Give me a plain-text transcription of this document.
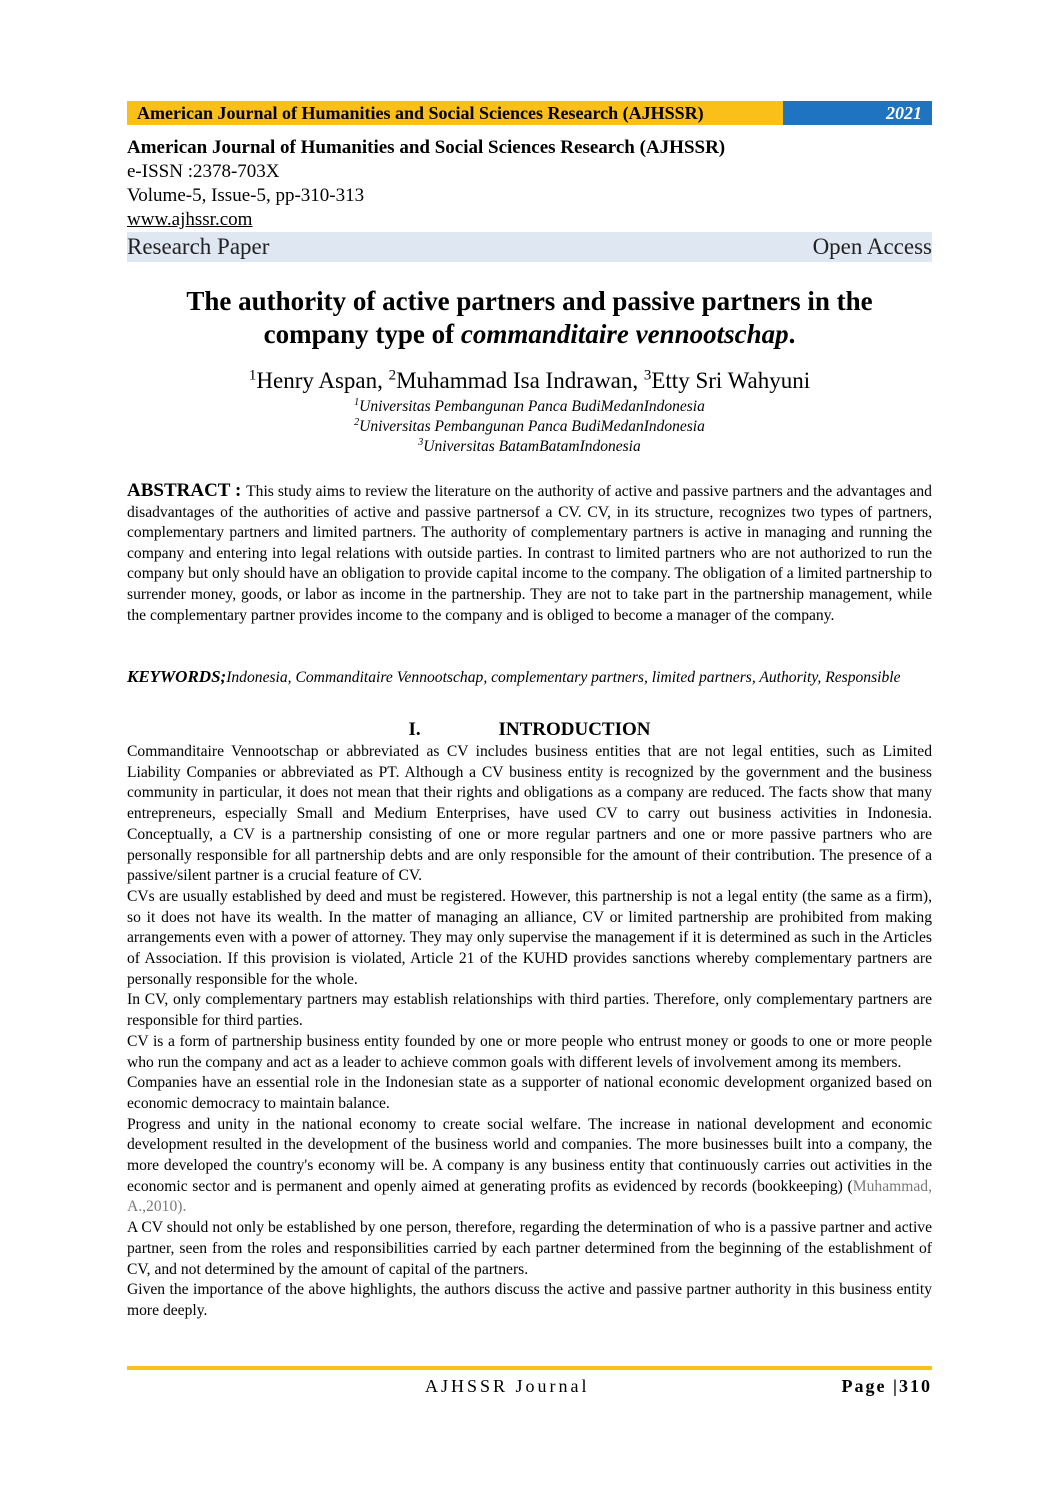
American Journal of Humanities and Social Sciences Research (AJHSSR)	2021
American Journal of Humanities and Social Sciences Research (AJHSSR)
e-ISSN :2378-703X
Volume-5, Issue-5, pp-310-313
www.ajhssr.com
Research Paper	Open Access
The authority of active partners and passive partners in the
company type of commanditaire vennootschap.
$^1$Henry Aspan, $^2$Muhammad Isa Indrawan, $^3$Etty Sri Wahyuni
$^1$Universitas Pembangunan Panca BudiMedanIndonesia
$^2$Universitas Pembangunan Panca BudiMedanIndonesia
$^3$Universitas BatamBatamIndonesia
ABSTRACT : This study aims to review the literature on the authority of active and passive partners and the advantages and disadvantages of the authorities of active and passive partnersof a CV. CV, in its structure, recognizes two types of partners, complementary partners and limited partners. The authority of complementary partners is active in managing and running the company and entering into legal relations with outside parties. In contrast to limited partners who are not authorized to run the company but only should have an obligation to provide capital income to the company. The obligation of a limited partnership to surrender money, goods, or labor as income in the partnership. They are not to take part in the partnership management, while the complementary partner provides income to the company and is obliged to become a manager of the company.
KEYWORDS;Indonesia, Commanditaire Vennootschap, complementary partners, limited partners, Authority, Responsible
I.	INTRODUCTION

Commanditaire Vennootschap or abbreviated as CV includes business entities that are not legal entities, such as Limited Liability Companies or abbreviated as PT. Although a CV business entity is recognized by the government and the business community in particular, it does not mean that their rights and obligations as a company are reduced. The facts show that many entrepreneurs, especially Small and Medium Enterprises, have used CV to carry out business activities in Indonesia. Conceptually, a CV is a partnership consisting of one or more regular partners and one or more passive partners who are personally responsible for all partnership debts and are only responsible for the amount of their contribution. The presence of a passive/silent partner is a crucial feature of CV.

CVs are usually established by deed and must be registered. However, this partnership is not a legal entity (the same as a firm), so it does not have its wealth. In the matter of managing an alliance, CV or limited partnership are prohibited from making arrangements even with a power of attorney. They may only supervise the management if it is determined as such in the Articles of Association. If this provision is violated, Article 21 of the KUHD provides sanctions whereby complementary partners are personally responsible for the whole.

In CV, only complementary partners may establish relationships with third parties. Therefore, only complementary partners are responsible for third parties.

CV is a form of partnership business entity founded by one or more people who entrust money or goods to one or more people who run the company and act as a leader to achieve common goals with different levels of involvement among its members.

Companies have an essential role in the Indonesian state as a supporter of national economic development organized based on economic democracy to maintain balance.

Progress and unity in the national economy to create social welfare. The increase in national development and economic development resulted in the development of the business world and companies. The more businesses built into a company, the more developed the country's economy will be. A company is any business entity that continuously carries out activities in the economic sector and is permanent and openly aimed at generating profits as evidenced by records (bookkeeping) (Muhammad, A.,2010).

A CV should not only be established by one person, therefore, regarding the determination of who is a passive partner and active partner, seen from the roles and responsibilities carried by each partner determined from the beginning of the establishment of CV, and not determined by the amount of capital of the partners.

Given the importance of the above highlights, the authors discuss the active and passive partner authority in this business entity more deeply.

AJHSSR Journal	Page |310
